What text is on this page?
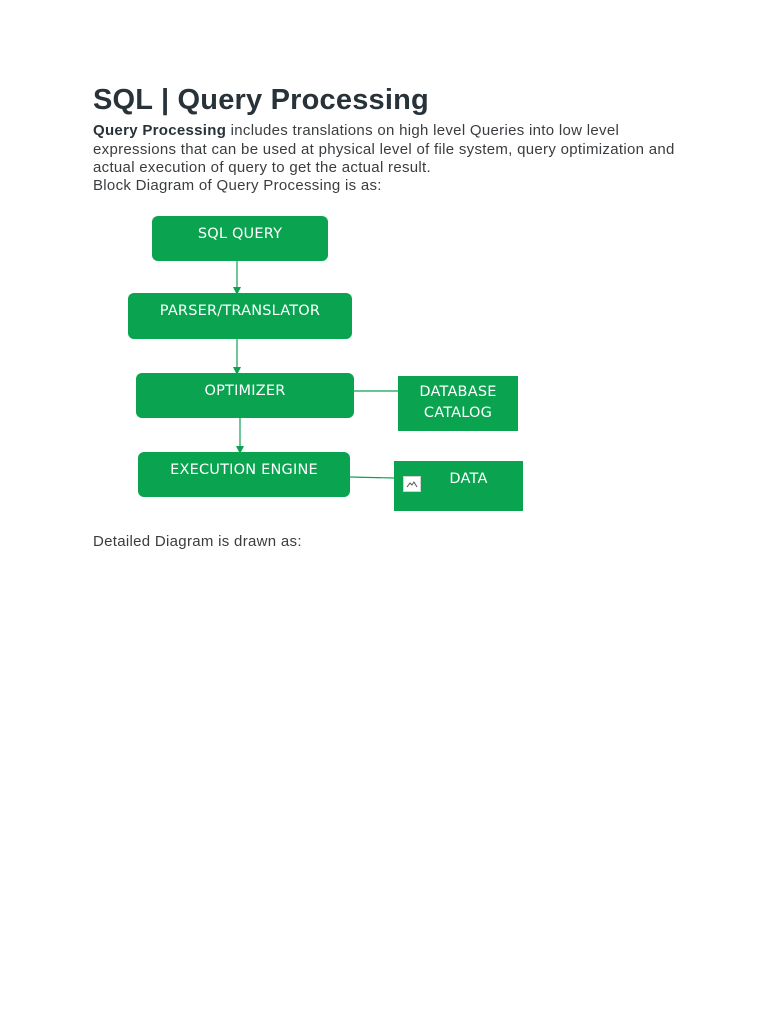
SQL | Query Processing

Query Processing includes translations on high level Queries into low level expressions that can be used at physical level of file system, query optimization and actual execution of query to get the actual result.

Block Diagram of Query Processing is as:

SQL QUERY
PARSER/TRANSLATOR
OPTIMIZER
EXECUTION ENGINE
DATABASE
CATALOG
DATA

Detailed Diagram is drawn as:
